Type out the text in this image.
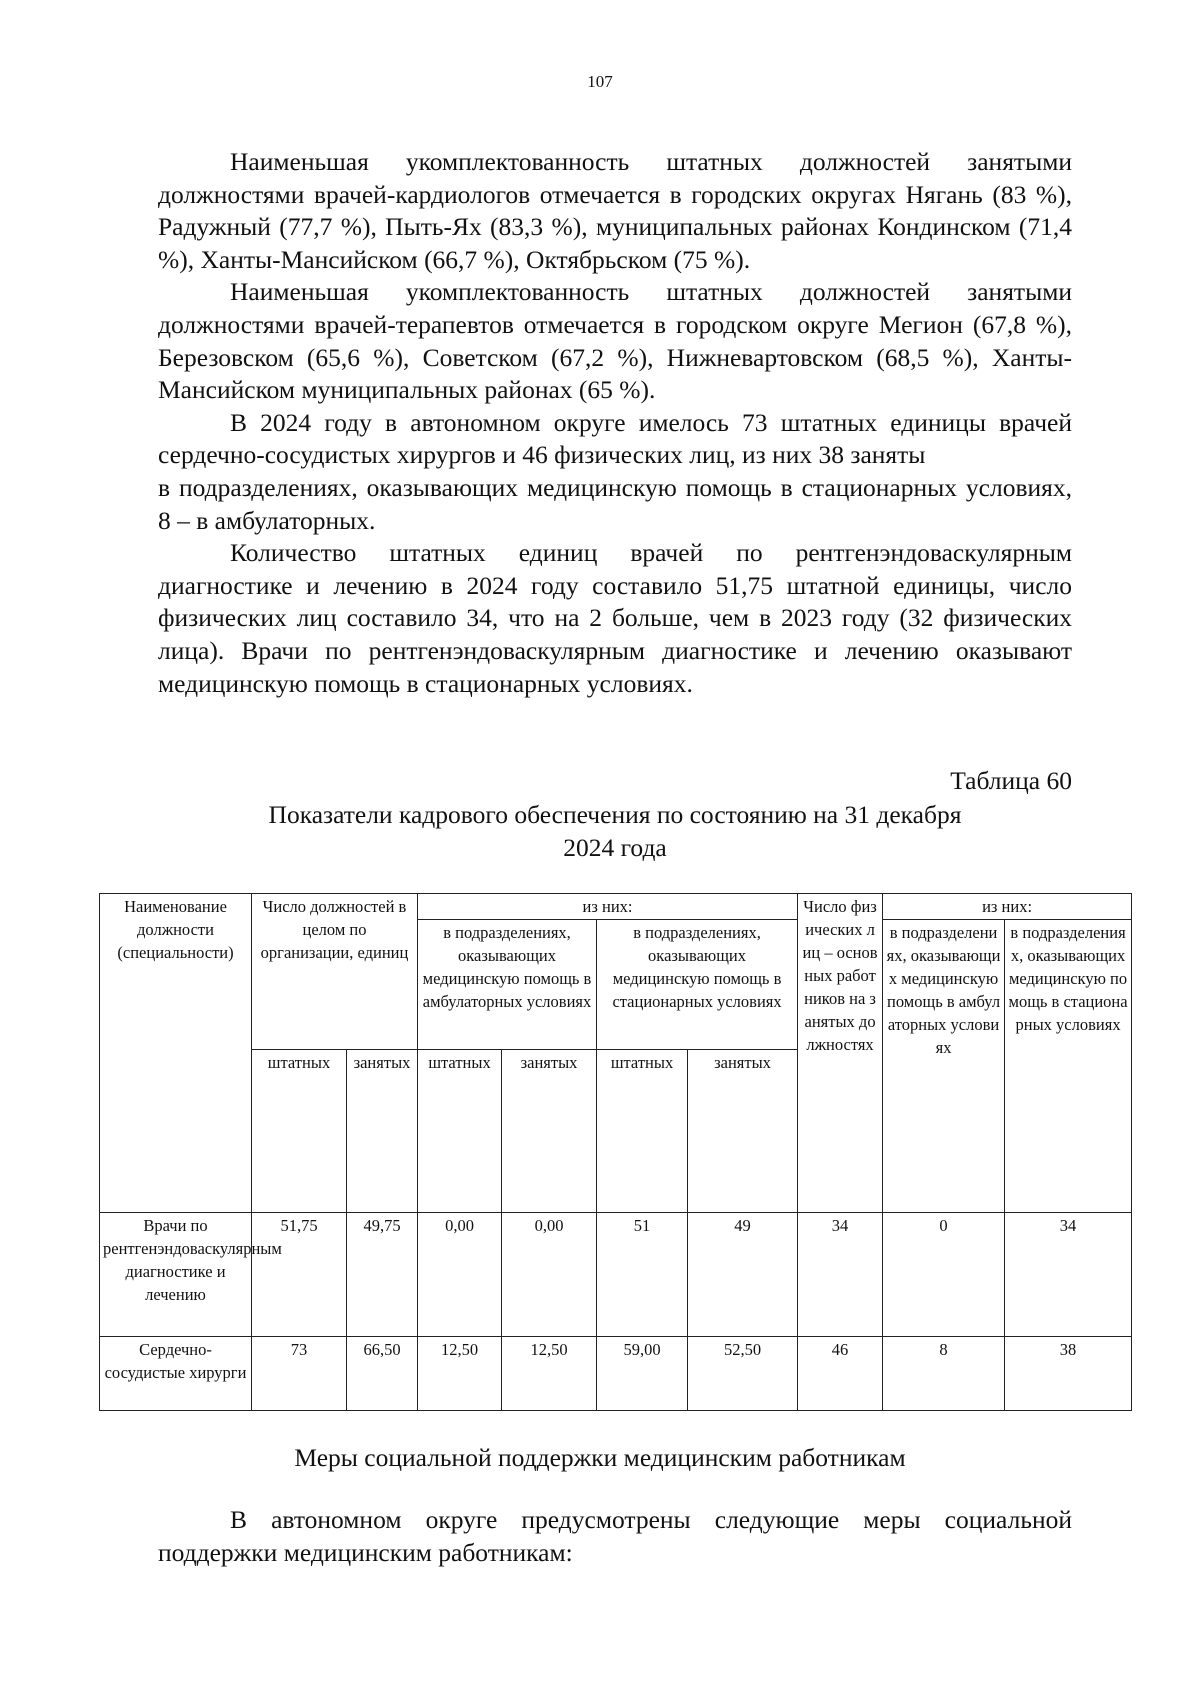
107

Наименьшая укомплектованность штатных должностей занятыми должностями врачей-кардиологов отмечается в городских округах Нягань (83 %), Радужный (77,7 %), Пыть-Ях (83,3 %), муниципальных районах Кондинском (71,4 %), Ханты-Мансийском (66,7 %), Октябрьском (75 %).

Наименьшая укомплектованность штатных должностей занятыми должностями врачей-терапевтов отмечается в городском округе Мегион (67,8 %), Березовском (65,6 %), Советском (67,2 %), Нижневартовском (68,5 %), Ханты-Мансийском муниципальных районах (65 %).

В 2024 году в автономном округе имелось 73 штатных единицы врачей сердечно-сосудистых хирургов и 46 физических лиц, из них 38 заняты

в подразделениях, оказывающих медицинскую помощь в стационарных условиях, 8 – в амбулаторных.

Количество штатных единиц врачей по рентгенэндоваскулярным диагностике и лечению в 2024 году составило 51,75 штатной единицы, число физических лиц составило 34, что на 2 больше, чем в 2023 году (32 физических лица). Врачи по рентгенэндоваскулярным диагностике и лечению оказывают медицинскую помощь в стационарных условиях.

Таблица 60
Показатели кадрового обеспечения по состоянию на 31 декабря
2024 года
Наименование должности (специальности)	Число должностей в целом по организации, единиц		из них:				Число физических лиц – основных работников на занятых должностях	из них:	
			в подразделениях, оказывающих медицинскую помощь в амбулаторных условиях		в подразделениях, оказывающих медицинскую помощь в стационарных условиях			в подразделениях, оказывающих медицинскую помощь в амбулаторных условиях	в подразделениях, оказывающих медицинскую помощь в стационарных условиях
	штатных	занятых	штатных	занятых	штатных	занятых			
Врачи по рентгенэндоваскулярным диагностике и лечению	51,75	49,75	0,00	0,00	51	49	34	0	34
Сердечно-сосудистые хирурги	73	66,50	12,50	12,50	59,00	52,50	46	8	38
Меры социальной поддержки медицинским работникам

В автономном округе предусмотрены следующие меры социальной поддержки медицинским работникам:
